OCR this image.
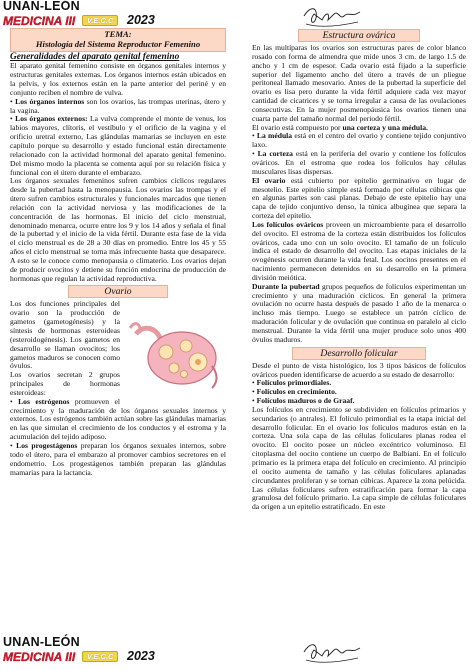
UNAN-LEÓN
MEDICINA III	V.E.C.C	2023
TEMA:
Histología del Sistema Reproductor Femenino

Generalidades del aparato genital femenino

El aparato genital femenino consiste en órganos genitales internos y estructuras genitales externas. Los órganos internos están ubicados en la pelvis, y los externos están en la parte anterior del periné y en conjunto reciben el nombre de vulva.

• Los órganos internos son los ovarios, las trompas uterinas, útero y la vagina.

• Los órganos externos: La vulva comprende el monte de venus, los labios mayores, clítoris, el vestíbulo y el orificio de la vagina y el orificio uretral externo, Las glándulas mamarias se incluyen en este capítulo porque su desarrollo y estado funcional están directamente relacionado con la actividad hormonal del aparato genital femenino. Del mismo modo la placenta se comenta aquí por su relación física y funcional con el útero durante el embarazo.

Los órganos sexuales femeninos sufren cambios cíclicos regulares desde la pubertad hasta la menopausia. Los ovarios las trompas y el útero sufren cambios estructurales y funcionales marcados que tienen relación con la actividad nerviosa y las modificaciones de la concentración de las hormonas. El inicio del ciclo menstrual, denominado menarca, ocurre entre los 9 y los 14 años y señala el final de la pubertad y el inicio de la vida fértil. Durante esta fase de la vida el ciclo menstrual es de 28 a 30 días en promedio. Entre los 45 y 55 años el ciclo menstrual se torna más infrecuente hasta que desaparece. A esto se le conoce como menopausia o climaterio. Los ovarios dejan de producir ovocitos y detiene su función endocrina de producción de hormonas que regulan la actividad reproductiva.

Ovario

Los dos funciones principales del ovario son la producción de gametos (gametogénesis) y la síntesis de hormonas esteroideas (esteroidogénesis). Los gametos en desarrollo se llaman ovocitos; los gametos maduros se conocen como óvulos.

Los ovarios secretan 2 grupos principales de hormonas esteroideas:

• Los estrógenos promueven el crecimiento y la maduración de los órganos sexuales internos y externos. Los estrógenos también actúan sobre las glándulas mamarias en las que simulan el crecimiento de los conductos y el estroma y la acumulación del tejido adiposo.

• Los progestágenos preparan los órganos sexuales internos, sobre todo el útero, para el embarazo al promover cambios secretores en el endometrio. Los progestágenos también preparan las glándulas mamarias para la lactancia.

Estructura ovárica

En las multíparas los ovarios son estructuras pares de color blanco rosado con forma de almendra que mide unos 3 cm. de largo 1.5 de ancho y 1 cm de espesor. Cada ovario está fijado a la superficie superior del ligamento ancho del útero a través de un pliegue peritoneal llamado mesovario. Antes de la pubertad la superficie del ovario es lisa pero durante la vida fértil adquiere cada vez mayor cantidad de cicatrices y se torna irregular a causa de las ovulaciones consecutivas. En la mujer posmenopáusica los ovarios tienen una cuarta parte del tamaño normal del periodo fértil.

El ovario está compuesto por una corteza y una médula.

• La médula está en el centro del ovario y contiene tejido conjuntivo laxo.

• La corteza está en la periferia del ovario y contiene los folículos ováricos. En el estroma que rodea los folículos hay células musculares lisas dispersas.

El ovario está cubierto por epitelio germinativo en lugar de mesotelio. Este epitelio simple está formado por células cúbicas que en algunas partes son casi planas. Debajo de este epitelio hay una capa de tejido conjuntivo denso, la túnica albugínea que separa la corteza del epitelio.

Los folículos ováricos proveen un microambiente para el desarrollo del ovocito. El estroma de la corteza están distribuidos los folículos ováricos, cada uno con un solo ovocito. El tamaño de un folículo indica el estado de desarrollo del ovocito. Las etapas iniciales de la ovogénesis ocurren durante la vida fetal. Los oocitos presentes en el nacimiento permanecen detenidos en su desarrollo en la primera división meiótica.

Durante la pubertad grupos pequeños de folículos experimentan un crecimiento y una maduración cíclicos. En general la primera ovulación no ocurre hasta después de pasado 1 año de la menarca o incluso más tiempo. Luego se establece un patrón cíclico de maduración folicular y de ovulación que continua en paralelo al ciclo menstrual. Durante la vida fértil una mujer produce solo unos 400 óvulos maduros.

Desarrollo folicular

Desde el punto de vista histológico, los 3 tipos básicos de folículos ováricos pueden identificarse de acuerdo a su estado de desarrollo:

• Folículos primordiales.

• Folículos en crecimiento.

• Folículos maduros o de Graaf.

Los folículos en crecimiento se subdividen en folículos primarios y secundarios (o antrales). El folículo primordial es la etapa inicial del desarrollo folicular. En el ovario los folículos maduros están en la corteza. Una sola capa de las células foliculares planas rodea el ovocito. El oocito posee un núcleo excéntrico voluminoso. El citoplasma del oocito contiene un cuerpo de Balbiani. En el folículo primario es la primera etapa del folículo en crecimiento. Al principio el oocito aumenta de tamaño y las células foliculares aplanadas circundantes proliferan y se tornan cúbicas. Aparece la zona pelúcida. Las células foliculares sufren estratificación para formar la capa granulosa del folículo primario. La capa simple de células foliculares da origen a un epitelio estratificado. En este

UNAN-LEÓN
MEDICINA III	V.E.C.C	2023
